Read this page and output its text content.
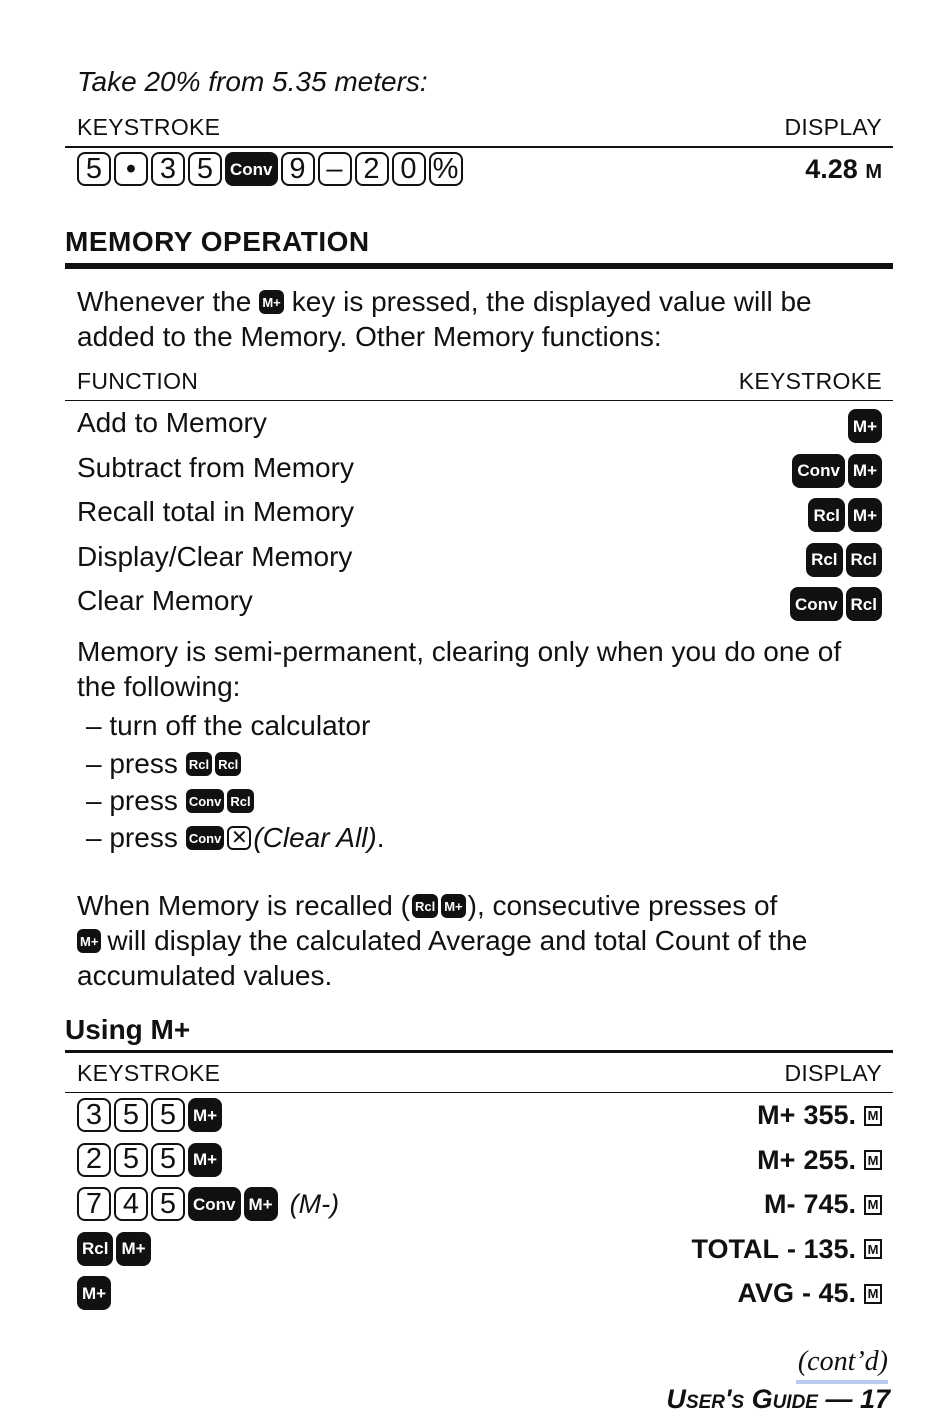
Take 20% from 5.35 meters:
KEYSTROKE	DISPLAY
5 • 3 5 Conv 9 – 2 0 %	4.28 M
MEMORY OPERATION
Whenever the M+ key is pressed, the displayed value will be
added to the Memory. Other Memory functions:
FUNCTION	KEYSTROKE
Add to Memory	M+
Subtract from Memory	Conv M+
Recall total in Memory	Rcl M+
Display/Clear Memory	Rcl Rcl
Clear Memory	Conv Rcl
Memory is semi-permanent, clearing only when you do one of
the following:
– turn off the calculator
– press Rcl Rcl
– press Conv Rcl
– press Conv ✕ (Clear All) .
When Memory is recalled ( Rcl M+ ), consecutive presses of
M+ will display the calculated Average and total Count of the
accumulated values.
Using M+
KEYSTROKE	DISPLAY
3 5 5 M+	M+ 355. M
2 5 5 M+	M+ 255. M
7 4 5 Conv M+ (M-)	M- 745. M
Rcl M+	TOTAL - 135. M
M+	AVG - 45. M
(cont’d)
User's Guide — 17
